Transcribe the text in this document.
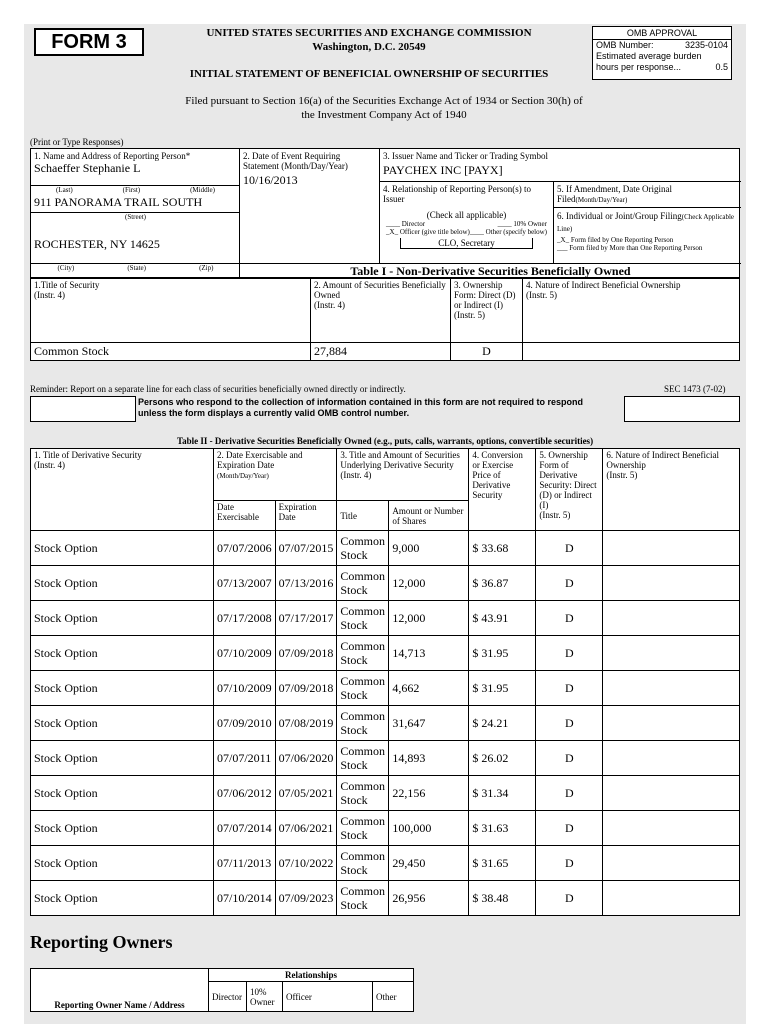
FORM 3	UNITED STATES SECURITIES AND EXCHANGE COMMISSION
Washington, D.C. 20549
INITIAL STATEMENT OF BENEFICIAL OWNERSHIP OF SECURITIES
OMB APPROVAL
OMB Number:	3235-0104
Estimated average burden
hours per response...	0.5
Filed pursuant to Section 16(a) of the Securities Exchange Act of 1934 or Section 30(h) of
the Investment Company Act of 1940
(Print or Type Responses)
1. Name and Address of Reporting Person*
Schaeffer Stephanie L
(Last)	(First)	(Middle)
911 PANORAMA TRAIL SOUTH
(Street)
ROCHESTER, NY 14625
(City)	(State)	(Zip)
2. Date of Event Requiring Statement (Month/Day/Year)
10/16/2013
3. Issuer Name and Ticker or Trading Symbol
PAYCHEX INC [PAYX]
4. Relationship of Reporting Person(s) to Issuer
(Check all applicable)
____ Director	____ 10% Owner
_X_ Officer (give title below) ____ Other (specify below)
CLO, Secretary
5. If Amendment, Date Original Filed(Month/Day/Year)
6. Individual or Joint/Group Filing(Check Applicable Line)
_X_ Form filed by One Reporting Person
___ Form filed by More than One Reporting Person
Table I - Non-Derivative Securities Beneficially Owned
1.Title of Security
(Instr. 4)	2. Amount of Securities Beneficially Owned
(Instr. 4)	3. Ownership Form: Direct (D) or Indirect (I)
(Instr. 5)	4. Nature of Indirect Beneficial Ownership
(Instr. 5)
Common Stock	27,884	D	
Reminder: Report on a separate line for each class of securities beneficially owned directly or indirectly.	SEC 1473 (7-02)
Persons who respond to the collection of information contained in this form are not required to respond
unless the form displays a currently valid OMB control number.
Table II - Derivative Securities Beneficially Owned (e.g., puts, calls, warrants, options, convertible securities)
1. Title of Derivative Security
(Instr. 4)	2. Date Exercisable and Expiration Date
(Month/Day/Year)		3. Title and Amount of Securities Underlying Derivative Security
(Instr. 4)		4. Conversion or Exercise Price of Derivative Security	5. Ownership Form of Derivative Security: Direct (D) or Indirect (I)
(Instr. 5)	6. Nature of Indirect Beneficial Ownership
(Instr. 5)
	Date Exercisable	Expiration Date	Title	Amount or Number of Shares			
Stock Option	07/07/2006	07/07/2015	Common Stock	9,000	$ 33.68	D	
Stock Option	07/13/2007	07/13/2016	Common Stock	12,000	$ 36.87	D	
Stock Option	07/17/2008	07/17/2017	Common Stock	12,000	$ 43.91	D	
Stock Option	07/10/2009	07/09/2018	Common Stock	14,713	$ 31.95	D	
Stock Option	07/10/2009	07/09/2018	Common Stock	4,662	$ 31.95	D	
Stock Option	07/09/2010	07/08/2019	Common Stock	31,647	$ 24.21	D	
Stock Option	07/07/2011	07/06/2020	Common Stock	14,893	$ 26.02	D	
Stock Option	07/06/2012	07/05/2021	Common Stock	22,156	$ 31.34	D	
Stock Option	07/07/2014	07/06/2021	Common Stock	100,000	$ 31.63	D	
Stock Option	07/11/2013	07/10/2022	Common Stock	29,450	$ 31.65	D	
Stock Option	07/10/2014	07/09/2023	Common Stock	26,956	$ 38.48	D	
Reporting Owners
Reporting Owner Name / Address	Relationships			
	Director	10% Owner	Officer	Other
